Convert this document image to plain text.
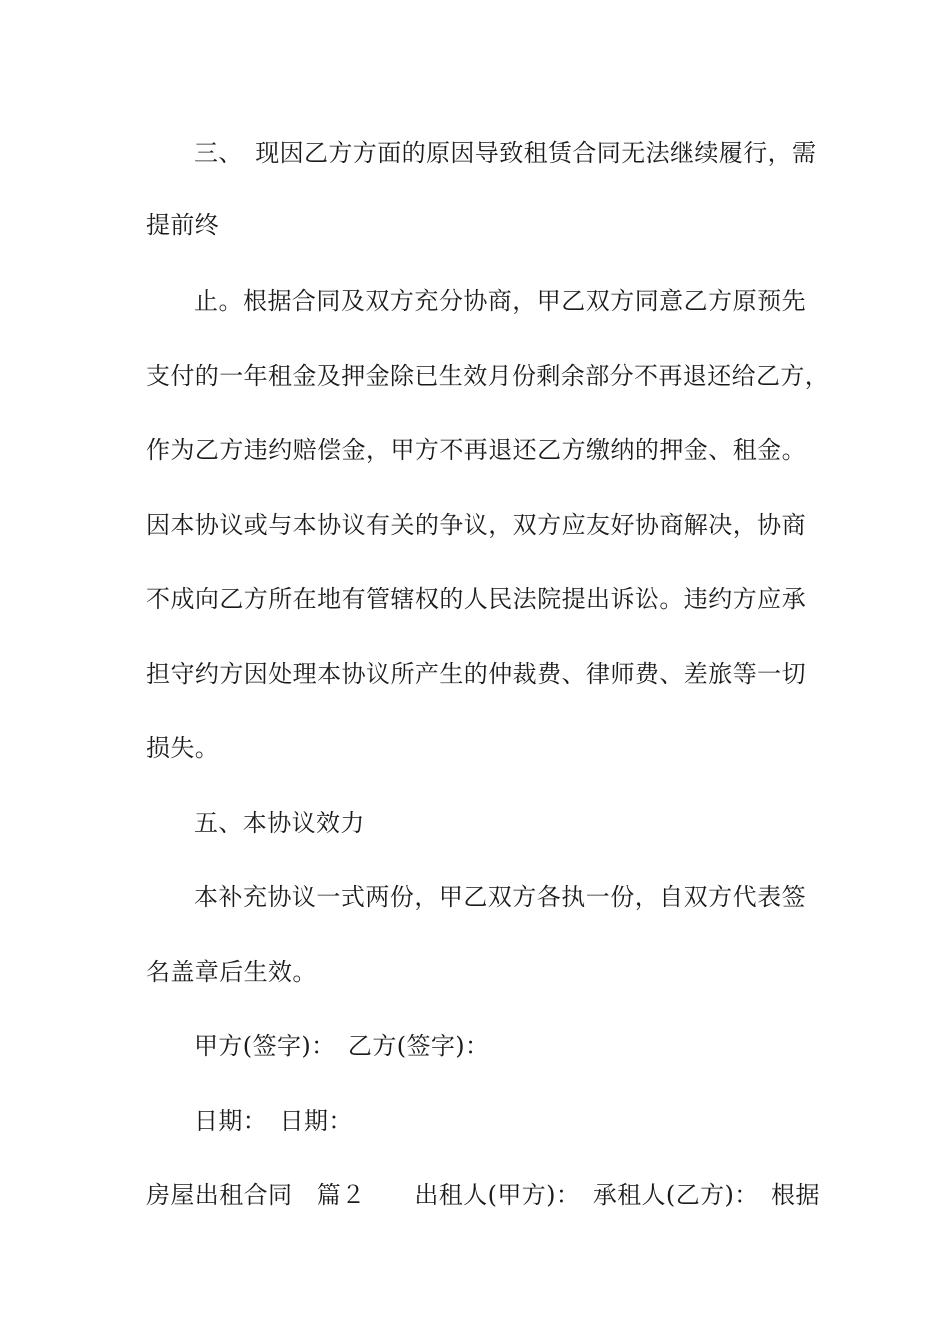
三、　现因乙方方面的原因导致租赁合同无法继续履行，需
提前终
止。根据合同及双方充分协商，甲乙双方同意乙方原预先
支付的一年租金及押金除已生效月份剩余部分不再退还给乙方，
作为乙方违约赔偿金，甲方不再退还乙方缴纳的押金、租金。
因本协议或与本协议有关的争议，双方应友好协商解决，协商
不成向乙方所在地有管辖权的人民法院提出诉讼。违约方应承
担守约方因处理本协议所产生的仲裁费、律师费、差旅等一切
损失。
五、本协议效力
本补充协议一式两份，甲乙双方各执一份，自双方代表签
名盖章后生效。
甲方(签字)：　乙方(签字)：
日期：　日期：
房屋出租合同　篇２　　出租人(甲方)：　承租人(乙方)：　根据
